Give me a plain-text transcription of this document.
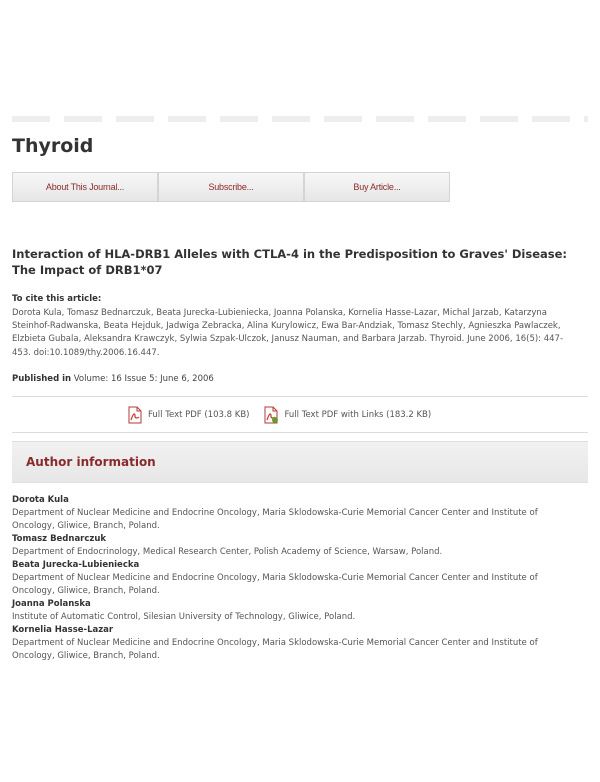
Thyroid
About This Journal...	Subscribe...	Buy Article...
Interaction of HLA-DRB1 Alleles with CTLA-4 in the Predisposition to Graves' Disease: The Impact of DRB1*07
To cite this article:
Dorota Kula, Tomasz Bednarczuk, Beata Jurecka-Lubieniecka, Joanna Polanska, Kornelia Hasse-Lazar, Michal Jarzab, Katarzyna Steinhof-Radwanska, Beata Hejduk, Jadwiga Zebracka, Alina Kurylowicz, Ewa Bar-Andziak, Tomasz Stechly, Agnieszka Pawlaczek, Elzbieta Gubala, Aleksandra Krawczyk, Sylwia Szpak-Ulczok, Janusz Nauman, and Barbara Jarzab. Thyroid. June 2006, 16(5): 447-453. doi:10.1089/thy.2006.16.447.
Published in Volume: 16 Issue 5: June 6, 2006
Full Text PDF (103.8 KB)	Full Text PDF with Links (183.2 KB)
Author information
Dorota Kula
Department of Nuclear Medicine and Endocrine Oncology, Maria Sklodowska-Curie Memorial Cancer Center and Institute of Oncology, Gliwice, Branch, Poland.
Tomasz Bednarczuk
Department of Endocrinology, Medical Research Center, Polish Academy of Science, Warsaw, Poland.
Beata Jurecka-Lubieniecka
Department of Nuclear Medicine and Endocrine Oncology, Maria Sklodowska-Curie Memorial Cancer Center and Institute of Oncology, Gliwice, Branch, Poland.
Joanna Polanska
Institute of Automatic Control, Silesian University of Technology, Gliwice, Poland.
Kornelia Hasse-Lazar
Department of Nuclear Medicine and Endocrine Oncology, Maria Sklodowska-Curie Memorial Cancer Center and Institute of Oncology, Gliwice, Branch, Poland.
